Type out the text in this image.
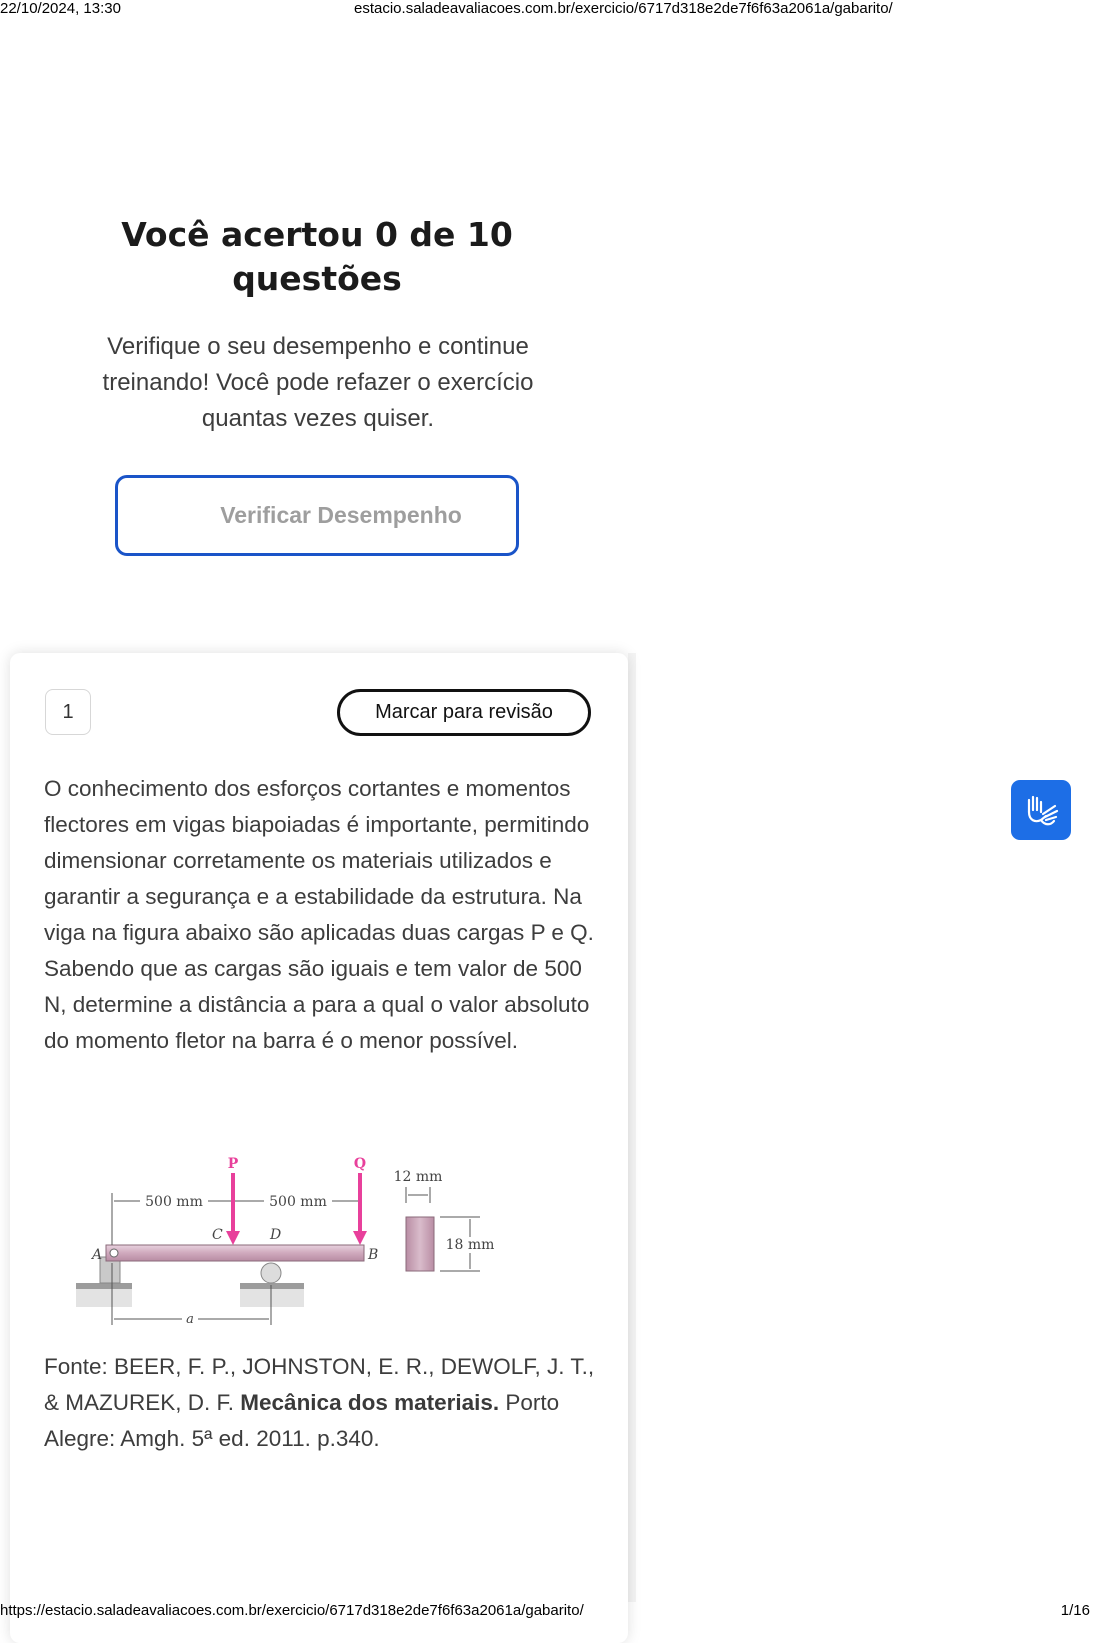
22/10/2024, 13:30	estacio.saladeavaliacoes.com.br/exercicio/6717d318e2de7f6f63a2061a/gabarito/
Você acertou 0 de 10 questões

Verifique o seu desempenho e continue treinando! Você pode refazer o exercício quantas vezes quiser.

Verificar Desempenho
1	Marcar para revisão

O conhecimento dos esforços cortantes e momentos flectores em vigas biapoiadas é importante, permitindo dimensionar corretamente os materiais utilizados e garantir a segurança e a estabilidade da estrutura. Na viga na figura abaixo são aplicadas duas cargas P e Q. Sabendo que as cargas são iguais e tem valor de 500 N, determine a distância a para a qual o valor absoluto do momento fletor na barra é o menor possível.

500 mm	500 mm
P	Q
A	B
C	D
a
12 mm
18 mm

Fonte: BEER, F. P., JOHNSTON, E. R., DEWOLF, J. T., & MAZUREK, D. F. Mecânica dos materiais. Porto Alegre: Amgh. 5ª ed. 2011. p.340.

https://estacio.saladeavaliacoes.com.br/exercicio/6717d318e2de7f6f63a2061a/gabarito/	1/16
